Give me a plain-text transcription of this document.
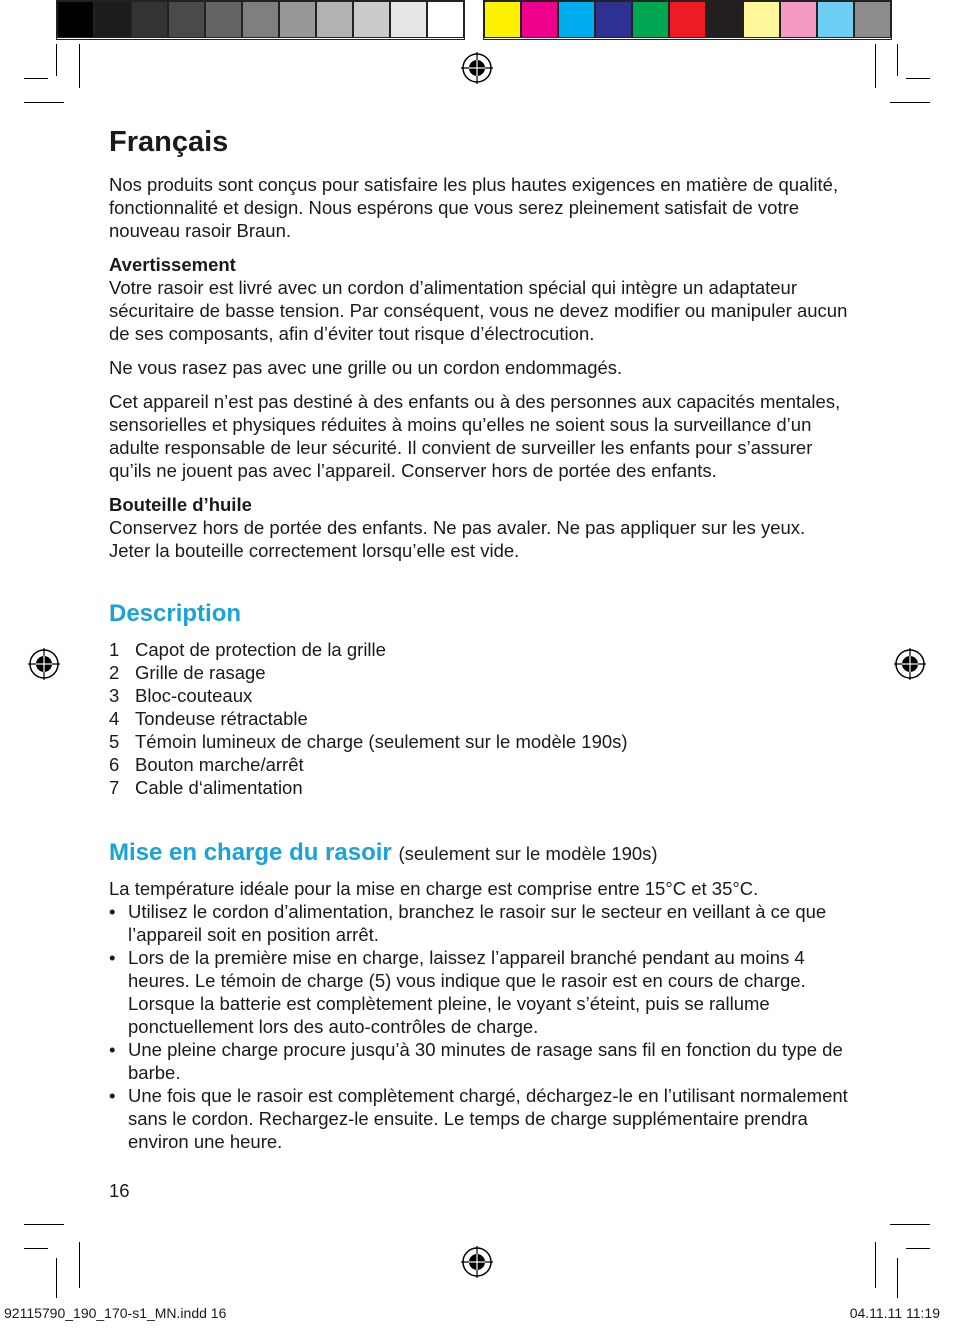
Français

Nos produits sont conçus pour satisfaire les plus hautes exigences en matière de qualité, fonctionnalité et design. Nous espérons que vous serez pleinement satisfait de votre nouveau rasoir Braun.

Avertissement
Votre rasoir est livré avec un cordon d’alimentation spécial qui intègre un adaptateur sécuritaire de basse tension. Par conséquent, vous ne devez modifier ou manipuler aucun de ses composants, afin d’éviter tout risque d’électrocution.

Ne vous rasez pas avec une grille ou un cordon endommagés.

Cet appareil n’est pas destiné à des enfants ou à des personnes aux capacités mentales, sensorielles et physiques réduites à moins qu’elles ne soient sous la surveillance d’un adulte responsable de leur sécurité. Il convient de surveiller les enfants pour s’assurer qu’ils ne jouent pas avec l’appareil. Conserver hors de portée des enfants.

Bouteille d’huile
Conservez hors de portée des enfants. Ne pas avaler. Ne pas appliquer sur les yeux. Jeter la bouteille correctement lorsqu’elle est vide.

Description
1 Capot de protection de la grille
2 Grille de rasage
3 Bloc-couteaux
4 Tondeuse rétractable
5 Témoin lumineux de charge (seulement sur le modèle 190s)
6 Bouton marche/arrêt
7 Cable d‘alimentation
Mise en charge du rasoir (seulement sur le modèle 190s)

La température idéale pour la mise en charge est comprise entre 15°C et 35°C.

• Utilisez le cordon d’alimentation, branchez le rasoir sur le secteur en veillant à ce que l’appareil soit en position arrêt.
• Lors de la première mise en charge, laissez l’appareil branché pendant au moins 4 heures. Le témoin de charge (5) vous indique que le rasoir est en cours de charge. Lorsque la batterie est complètement pleine, le voyant s’éteint, puis se rallume ponctuellement lors des auto-contrôles de charge.
• Une pleine charge procure jusqu’à 30 minutes de rasage sans fil en fonction du type de barbe.
• Une fois que le rasoir est complètement chargé, déchargez-le en l’utilisant normalement sans le cordon. Rechargez-le ensuite. Le temps de charge supplémentaire prendra environ une heure.
16
92115790_190_170-s1_MN.indd 16	04.11.11 11:19
